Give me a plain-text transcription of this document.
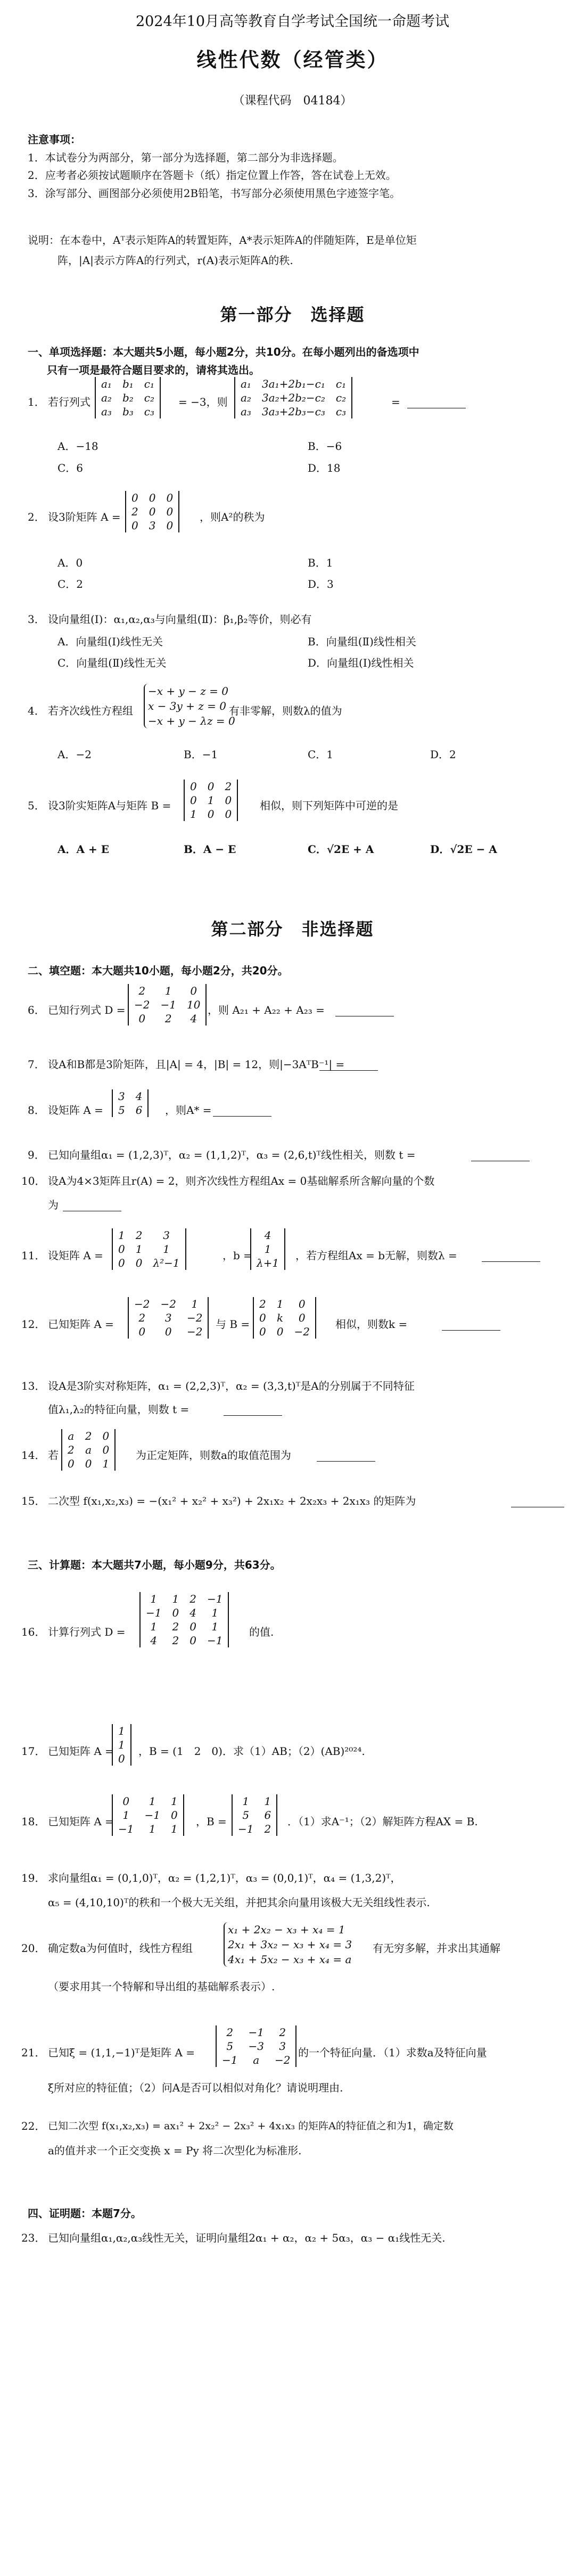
2024年10月高等教育自学考试全国统一命题考试
线性代数（经管类）
（课程代码　04184）
注意事项：
1．本试卷分为两部分，第一部分为选择题，第二部分为非选择题。
2．应考者必须按试题顺序在答题卡（纸）指定位置上作答，答在试卷上无效。
3．涂写部分、画图部分必须使用2B铅笔，书写部分必须使用黑色字迹签字笔。
说明：在本卷中，Aᵀ表示矩阵A的转置矩阵，A*表示矩阵A的伴随矩阵，E是单位矩
阵，|A|表示方阵A的行列式，r(A)表示矩阵A的秩.
第一部分　选择题
一、单项选择题：本大题共5小题，每小题2分，共10分。在每小题列出的备选项中
只有一项是最符合题目要求的，请将其选出。
1． 若行列式
a₁	b₁	c₁
a₂	b₂	c₂
a₃	b₃	c₃
= −3，则
a₁	3a₁+2b₁−c₁	c₁
a₂	3a₂+2b₂−c₂	c₂
a₃	3a₃+2b₃−c₃	c₃
=
A．−18	B．−6
C．6	D．18
2． 设3阶矩阵 A =
0	0	0
2	0	0
0	3	0
，则A²的秩为
A．0	B．1
C．2	D．3
3． 设向量组(Ⅰ)：α₁,α₂,α₃与向量组(Ⅱ)：β₁,β₂等价，则必有
A．向量组(Ⅰ)线性无关	B．向量组(Ⅱ)线性相关
C．向量组(Ⅱ)线性无关	D．向量组(Ⅰ)线性相关
4． 若齐次线性方程组
−x + y − z = 0
x − 3y + z = 0
−x + y − λz = 0
有非零解，则数λ的值为
A．−2	B．−1	C．1	D．2
5． 设3阶实矩阵A与矩阵 B =
0	0	2
0	1	0
1	0	0
相似，则下列矩阵中可逆的是
A．A + E	B．A − E	C．√2E + A	D．√2E − A
第二部分　非选择题
二、填空题：本大题共10小题，每小题2分，共20分。
6． 已知行列式 D =
2	1	0
−2	−1	10
0	2	4
，则 A₂₁ + A₂₂ + A₂₃ =
7． 设A和B都是3阶矩阵，且|A| = 4，|B| = 12，则|−3AᵀB⁻¹| =
8． 设矩阵 A =
3	4
5	6 ，则A* =
9． 已知向量组α₁ = (1,2,3)ᵀ，α₂ = (1,1,2)ᵀ，α₃ = (2,6,t)ᵀ线性相关，则数 t =
10． 设A为4×3矩阵且r(A) = 2，则齐次线性方程组Ax = 0基础解系所含解向量的个数
为
11． 设矩阵 A =
1	2	3
0	1	1
0	0	λ²−1
，b =
4
1
λ+1
，若方程组Ax = b无解，则数λ =
12． 已知矩阵 A =
−2	−2	1
2	3	−2
0	0	−2
与 B =
2	1	0
0	k	0
0	0	−2
相似，则数k =
13． 设A是3阶实对称矩阵，α₁ = (2,2,3)ᵀ，α₂ = (3,3,t)ᵀ是A的分别属于不同特征
值λ₁,λ₂的特征向量，则数 t =
14． 若
a	2	0
2	a	0
0	0	1
为正定矩阵，则数a的取值范围为
15． 二次型 f(x₁,x₂,x₃) = −(x₁² + x₂² + x₃²) + 2x₁x₂ + 2x₂x₃ + 2x₁x₃ 的矩阵为
三、计算题：本大题共7小题，每小题9分，共63分。
16． 计算行列式 D =
1	1	2	−1
−1	0	4	1
1	2	0	1
4	2	0	−1
的值.
17． 已知矩阵 A =
1
1
0
，B = (1　2　0)．求（1）AB；（2）(AB)²⁰²⁴.
18． 已知矩阵 A =
0	1	1
1	−1	0
−1	1	1
，B =
1	1
5	6
−1	2
．（1）求A⁻¹；（2）解矩阵方程AX = B.
19． 求向量组α₁ = (0,1,0)ᵀ，α₂ = (1,2,1)ᵀ，α₃ = (0,0,1)ᵀ，α₄ = (1,3,2)ᵀ，
α₅ = (4,10,10)ᵀ的秩和一个极大无关组，并把其余向量用该极大无关组线性表示.
20． 确定数a为何值时，线性方程组
x₁ + 2x₂ − x₃ + x₄ = 1
2x₁ + 3x₂ − x₃ + x₄ = 3
4x₁ + 5x₂ − x₃ + x₄ = a
有无穷多解，并求出其通解
（要求用其一个特解和导出组的基础解系表示）.
21． 已知ξ = (1,1,−1)ᵀ是矩阵 A =
2	−1	2
5	−3	3
−1	a	−2
的一个特征向量．（1）求数a及特征向量
ξ所对应的特征值；（2）问A是否可以相似对角化？请说明理由.
22． 已知二次型 f(x₁,x₂,x₃) = ax₁² + 2x₂² − 2x₃² + 4x₁x₃ 的矩阵A的特征值之和为1，确定数
a的值并求一个正交变换 x = Py 将二次型化为标准形.
四、证明题：本题7分。
23． 已知向量组α₁,α₂,α₃线性无关，证明向量组2α₁ + α₂，α₂ + 5α₃，α₃ − α₁线性无关.
